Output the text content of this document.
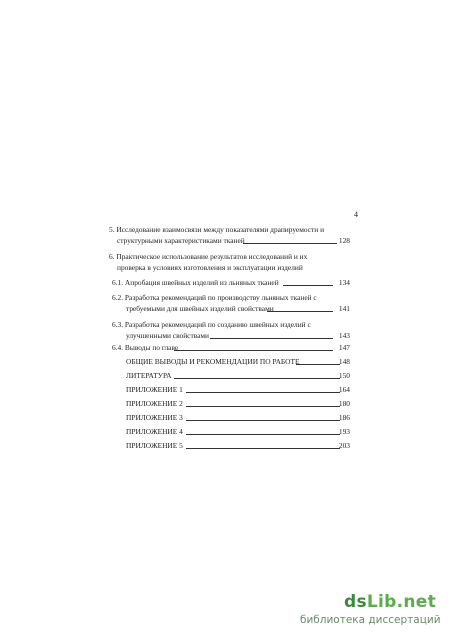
4
5. Исследование взаимосвязи между показателями драпируемости и
структурными характеристиками тканей	128
6. Практическое использование результатов исследований и их
проверка в условиях изготовления и эксплуатации изделий
6.1. Апробация швейных изделий из льняных тканей	134
6.2. Разработка рекомендаций по производству льняных тканей с
требуемыми для швейных изделий свойствами	141
6.3. Разработка рекомендаций по созданию швейных изделий с
улучшенными свойствами	143
6.4. Выводы по главе	147
ОБЩИЕ ВЫВОДЫ И РЕКОМЕНДАЦИИ ПО РАБОТЕ	148
ЛИТЕРАТУРА	150
ПРИЛОЖЕНИЕ 1	164
ПРИЛОЖЕНИЕ 2	180
ПРИЛОЖЕНИЕ 3	186
ПРИЛОЖЕНИЕ 4	193
ПРИЛОЖЕНИЕ 5	203
dsLib.net
библиотека диссертаций
